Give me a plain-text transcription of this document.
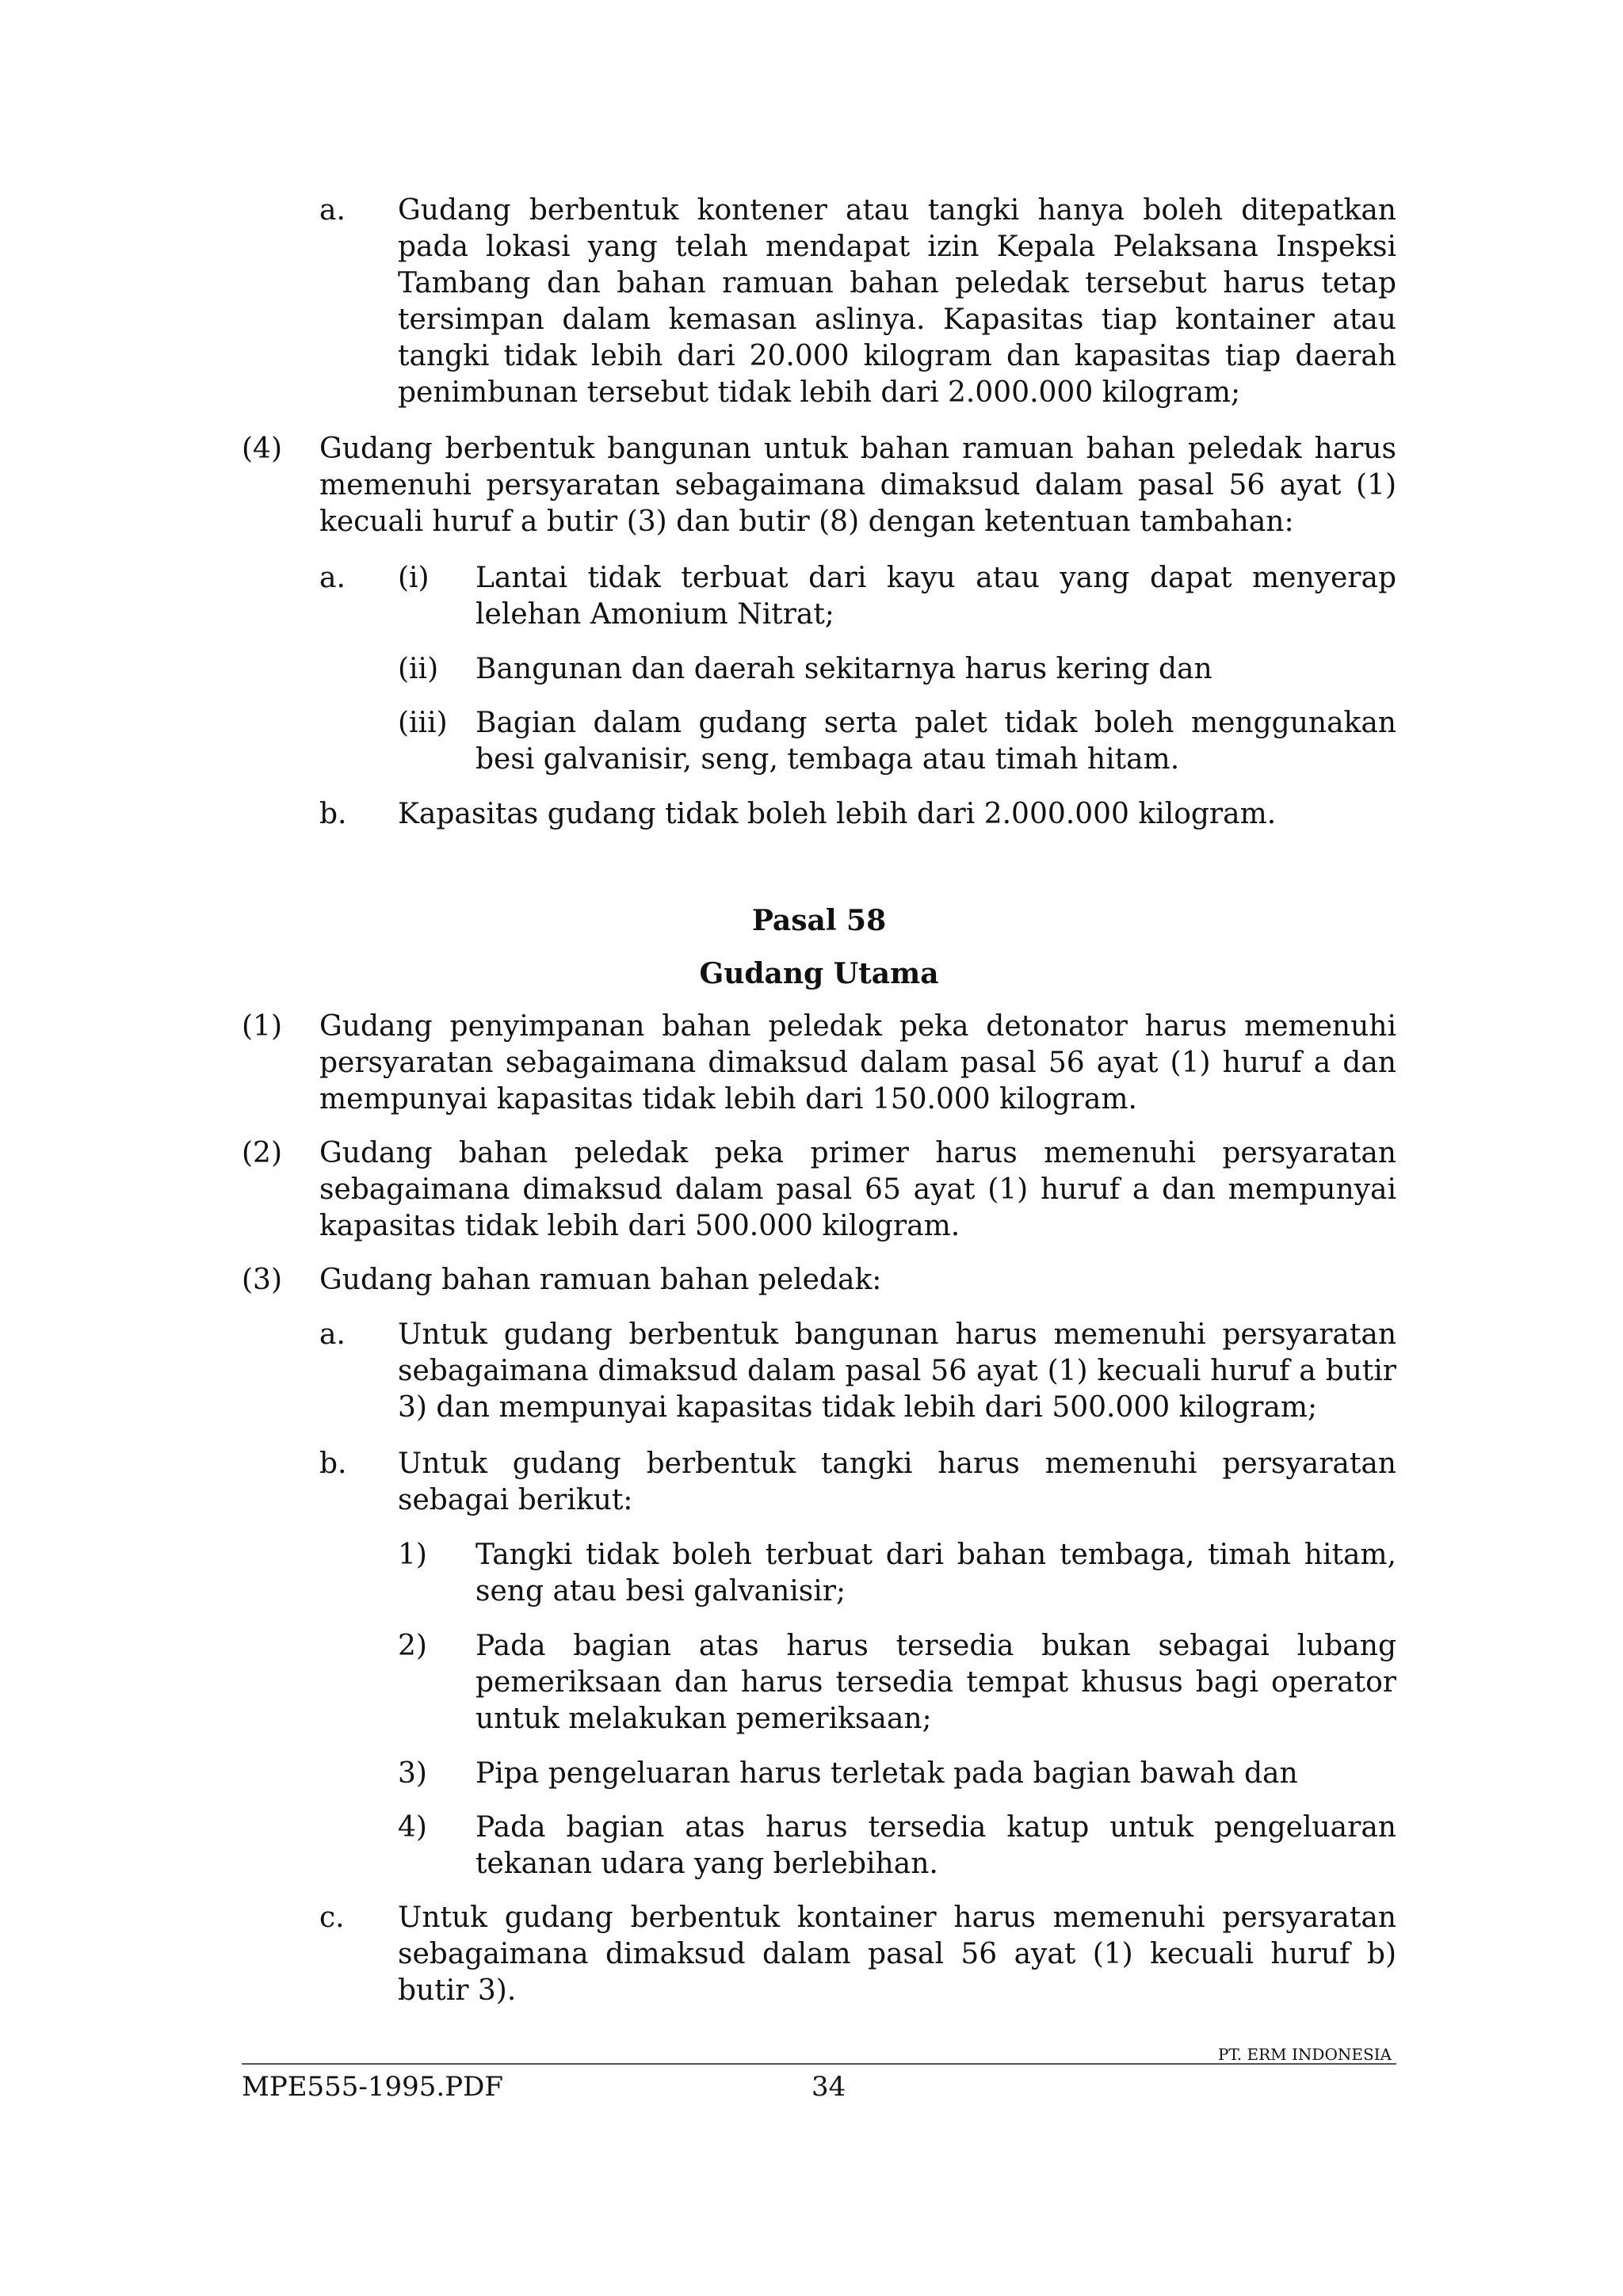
a. Gudang berbentuk kontener atau tangki hanya boleh ditepatkan pada lokasi yang telah mendapat izin Kepala Pelaksana Inspeksi Tambang dan bahan ramuan bahan peledak tersebut harus tetap tersimpan dalam kemasan aslinya. Kapasitas tiap kontainer atau tangki tidak lebih dari 20.000 kilogram dan kapasitas tiap daerah penimbunan tersebut tidak lebih dari 2.000.000 kilogram;
(4) Gudang berbentuk bangunan untuk bahan ramuan bahan peledak harus memenuhi persyaratan sebagaimana dimaksud dalam pasal 56 ayat (1) kecuali huruf a butir (3) dan butir (8) dengan ketentuan tambahan:
a. (i) Lantai tidak terbuat dari kayu atau yang dapat menyerap lelehan Amonium Nitrat;
(ii) Bangunan dan daerah sekitarnya harus kering dan
(iii) Bagian dalam gudang serta palet tidak boleh menggunakan besi galvanisir, seng, tembaga atau timah hitam.
b. Kapasitas gudang tidak boleh lebih dari 2.000.000 kilogram.
Pasal 58
Gudang Utama
(1) Gudang penyimpanan bahan peledak peka detonator harus memenuhi persyaratan sebagaimana dimaksud dalam pasal 56 ayat (1) huruf a dan mempunyai kapasitas tidak lebih dari 150.000 kilogram.
(2) Gudang bahan peledak peka primer harus memenuhi persyaratan sebagaimana dimaksud dalam pasal 65 ayat (1) huruf a dan mempunyai kapasitas tidak lebih dari 500.000 kilogram.
(3) Gudang bahan ramuan bahan peledak:
a. Untuk gudang berbentuk bangunan harus memenuhi persyaratan sebagaimana dimaksud dalam pasal 56 ayat (1) kecuali huruf a butir 3) dan mempunyai kapasitas tidak lebih dari 500.000 kilogram;
b. Untuk gudang berbentuk tangki harus memenuhi persyaratan sebagai berikut:
1) Tangki tidak boleh terbuat dari bahan tembaga, timah hitam, seng atau besi galvanisir;
2) Pada bagian atas harus tersedia bukan sebagai lubang pemeriksaan dan harus tersedia tempat khusus bagi operator untuk melakukan pemeriksaan;
3) Pipa pengeluaran harus terletak pada bagian bawah dan
4) Pada bagian atas harus tersedia katup untuk pengeluaran tekanan udara yang berlebihan.
c. Untuk gudang berbentuk kontainer harus memenuhi persyaratan sebagaimana dimaksud dalam pasal 56 ayat (1) kecuali huruf b) butir 3).
PT. ERM INDONESIA
MPE555-1995.PDF	34
